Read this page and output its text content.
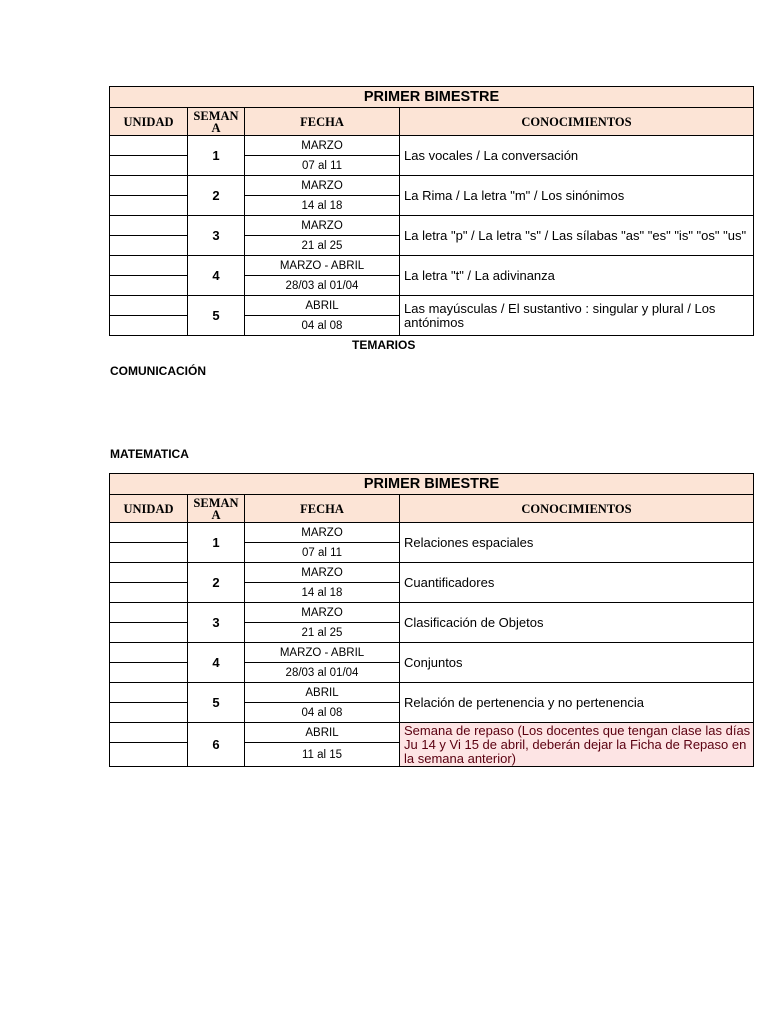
PRIMER BIMESTRE			
UNIDAD	SEMAN A	FECHA	CONOCIMIENTOS
	1	MARZO	Las vocales / La conversación
		07 al 11	
	2	MARZO	La Rima / La letra "m" / Los sinónimos
		14 al 18	
	3	MARZO	La letra "p" / La letra "s" / Las sílabas "as" "es" "is" "os" "us"
		21 al 25	
	4	MARZO - ABRIL	La letra "t" / La adivinanza
		28/03 al 01/04	
	5	ABRIL	Las mayúsculas / El sustantivo : singular y plural / Los antónimos
		04 al 08	
TEMARIOS
COMUNICACIÓN
MATEMATICA
PRIMER BIMESTRE			
UNIDAD	SEMAN A	FECHA	CONOCIMIENTOS
	1	MARZO	Relaciones espaciales
		07 al 11	
	2	MARZO	Cuantificadores
		14 al 18	
	3	MARZO	Clasificación de Objetos
		21 al 25	
	4	MARZO - ABRIL	Conjuntos
		28/03 al 01/04	
	5	ABRIL	Relación de pertenencia y no pertenencia
		04 al 08	
	6	ABRIL	Semana de repaso (Los docentes que tengan clase las días Ju 14 y Vi 15 de abril, deberán dejar la Ficha de Repaso en la semana anterior)
		11 al 15	
